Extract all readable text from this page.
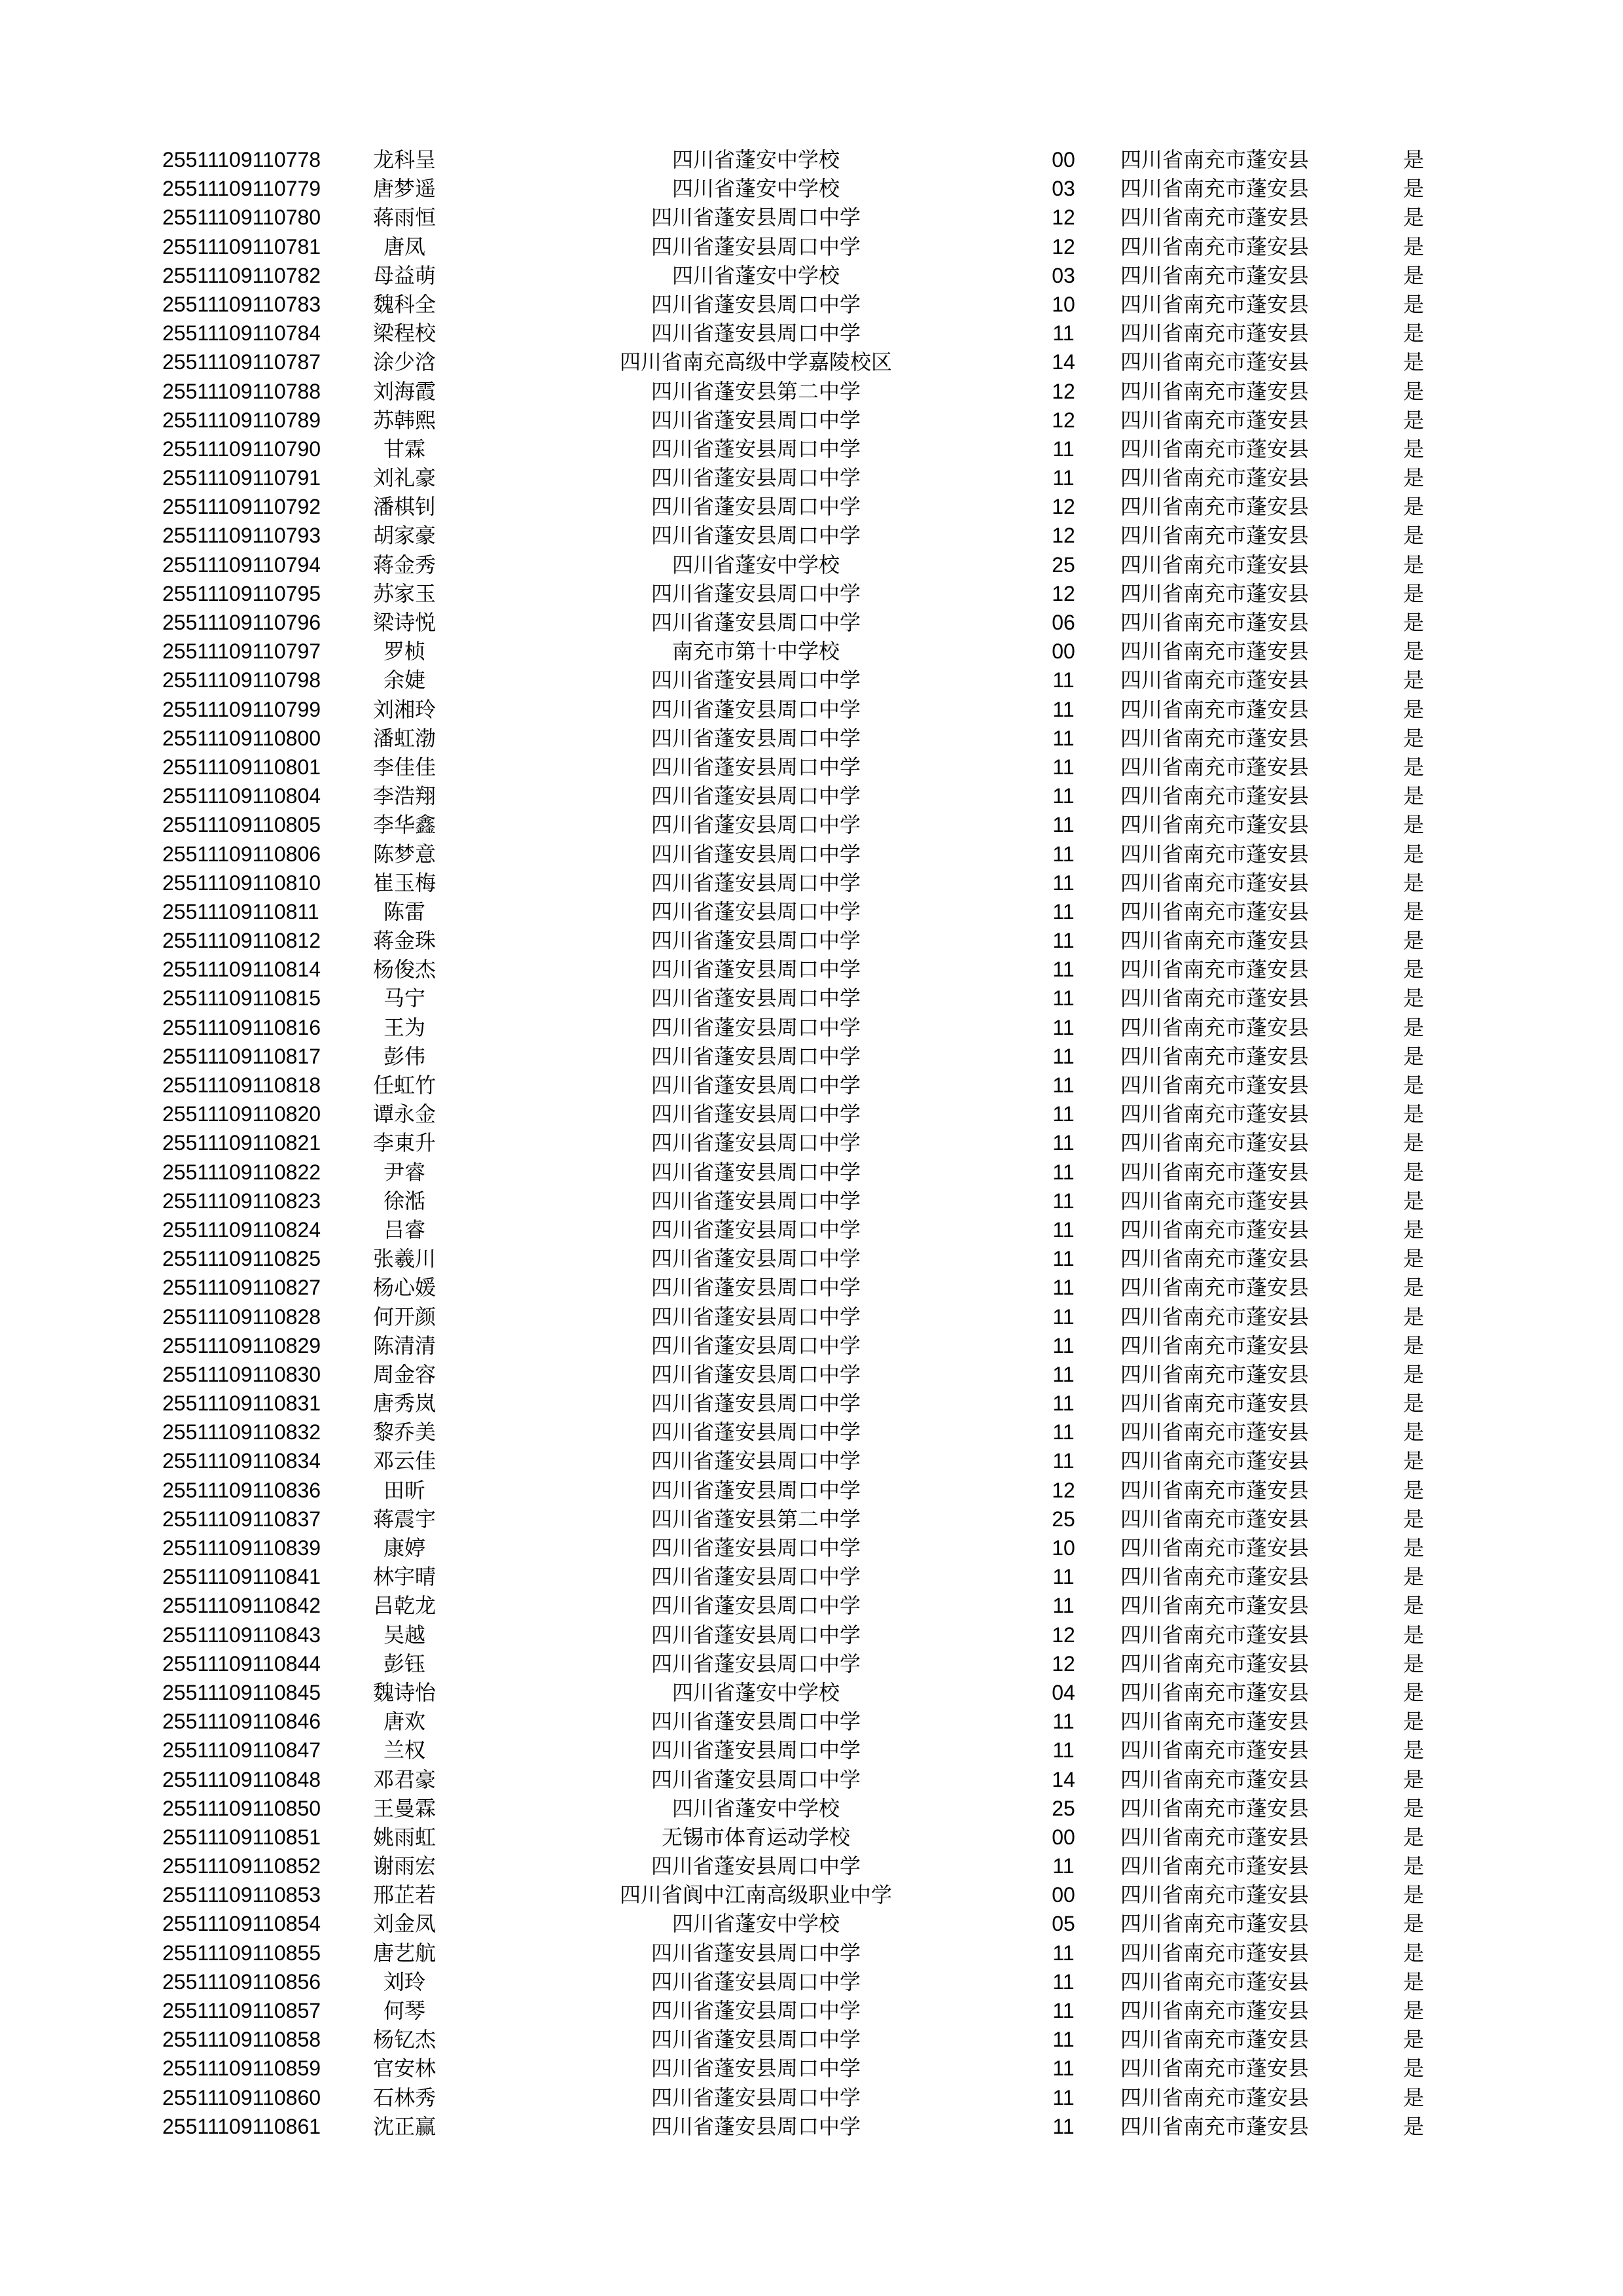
25511109110778	龙科呈	四川省蓬安中学校	00	四川省南充市蓬安县	是
25511109110779	唐梦遥	四川省蓬安中学校	03	四川省南充市蓬安县	是
25511109110780	蒋雨恒	四川省蓬安县周口中学	12	四川省南充市蓬安县	是
25511109110781	唐凤	四川省蓬安县周口中学	12	四川省南充市蓬安县	是
25511109110782	母益萌	四川省蓬安中学校	03	四川省南充市蓬安县	是
25511109110783	魏科全	四川省蓬安县周口中学	10	四川省南充市蓬安县	是
25511109110784	梁程校	四川省蓬安县周口中学	11	四川省南充市蓬安县	是
25511109110787	涂少浛	四川省南充高级中学嘉陵校区	14	四川省南充市蓬安县	是
25511109110788	刘海霞	四川省蓬安县第二中学	12	四川省南充市蓬安县	是
25511109110789	苏韩熙	四川省蓬安县周口中学	12	四川省南充市蓬安县	是
25511109110790	甘霖	四川省蓬安县周口中学	11	四川省南充市蓬安县	是
25511109110791	刘礼豪	四川省蓬安县周口中学	11	四川省南充市蓬安县	是
25511109110792	潘棋钊	四川省蓬安县周口中学	12	四川省南充市蓬安县	是
25511109110793	胡家豪	四川省蓬安县周口中学	12	四川省南充市蓬安县	是
25511109110794	蒋金秀	四川省蓬安中学校	25	四川省南充市蓬安县	是
25511109110795	苏家玉	四川省蓬安县周口中学	12	四川省南充市蓬安县	是
25511109110796	梁诗悦	四川省蓬安县周口中学	06	四川省南充市蓬安县	是
25511109110797	罗桢	南充市第十中学校	00	四川省南充市蓬安县	是
25511109110798	余婕	四川省蓬安县周口中学	11	四川省南充市蓬安县	是
25511109110799	刘湘玲	四川省蓬安县周口中学	11	四川省南充市蓬安县	是
25511109110800	潘虹渤	四川省蓬安县周口中学	11	四川省南充市蓬安县	是
25511109110801	李佳佳	四川省蓬安县周口中学	11	四川省南充市蓬安县	是
25511109110804	李浩翔	四川省蓬安县周口中学	11	四川省南充市蓬安县	是
25511109110805	李华鑫	四川省蓬安县周口中学	11	四川省南充市蓬安县	是
25511109110806	陈梦意	四川省蓬安县周口中学	11	四川省南充市蓬安县	是
25511109110810	崔玉梅	四川省蓬安县周口中学	11	四川省南充市蓬安县	是
25511109110811	陈雷	四川省蓬安县周口中学	11	四川省南充市蓬安县	是
25511109110812	蒋金珠	四川省蓬安县周口中学	11	四川省南充市蓬安县	是
25511109110814	杨俊杰	四川省蓬安县周口中学	11	四川省南充市蓬安县	是
25511109110815	马宁	四川省蓬安县周口中学	11	四川省南充市蓬安县	是
25511109110816	王为	四川省蓬安县周口中学	11	四川省南充市蓬安县	是
25511109110817	彭伟	四川省蓬安县周口中学	11	四川省南充市蓬安县	是
25511109110818	任虹竹	四川省蓬安县周口中学	11	四川省南充市蓬安县	是
25511109110820	谭永金	四川省蓬安县周口中学	11	四川省南充市蓬安县	是
25511109110821	李東升	四川省蓬安县周口中学	11	四川省南充市蓬安县	是
25511109110822	尹睿	四川省蓬安县周口中学	11	四川省南充市蓬安县	是
25511109110823	徐湉	四川省蓬安县周口中学	11	四川省南充市蓬安县	是
25511109110824	吕睿	四川省蓬安县周口中学	11	四川省南充市蓬安县	是
25511109110825	张羲川	四川省蓬安县周口中学	11	四川省南充市蓬安县	是
25511109110827	杨心媛	四川省蓬安县周口中学	11	四川省南充市蓬安县	是
25511109110828	何开颜	四川省蓬安县周口中学	11	四川省南充市蓬安县	是
25511109110829	陈清清	四川省蓬安县周口中学	11	四川省南充市蓬安县	是
25511109110830	周金容	四川省蓬安县周口中学	11	四川省南充市蓬安县	是
25511109110831	唐秀岚	四川省蓬安县周口中学	11	四川省南充市蓬安县	是
25511109110832	黎乔美	四川省蓬安县周口中学	11	四川省南充市蓬安县	是
25511109110834	邓云佳	四川省蓬安县周口中学	11	四川省南充市蓬安县	是
25511109110836	田昕	四川省蓬安县周口中学	12	四川省南充市蓬安县	是
25511109110837	蒋震宇	四川省蓬安县第二中学	25	四川省南充市蓬安县	是
25511109110839	康婷	四川省蓬安县周口中学	10	四川省南充市蓬安县	是
25511109110841	林宇晴	四川省蓬安县周口中学	11	四川省南充市蓬安县	是
25511109110842	吕乾龙	四川省蓬安县周口中学	11	四川省南充市蓬安县	是
25511109110843	吴越	四川省蓬安县周口中学	12	四川省南充市蓬安县	是
25511109110844	彭钰	四川省蓬安县周口中学	12	四川省南充市蓬安县	是
25511109110845	魏诗怡	四川省蓬安中学校	04	四川省南充市蓬安县	是
25511109110846	唐欢	四川省蓬安县周口中学	11	四川省南充市蓬安县	是
25511109110847	兰权	四川省蓬安县周口中学	11	四川省南充市蓬安县	是
25511109110848	邓君豪	四川省蓬安县周口中学	14	四川省南充市蓬安县	是
25511109110850	王曼霖	四川省蓬安中学校	25	四川省南充市蓬安县	是
25511109110851	姚雨虹	无锡市体育运动学校	00	四川省南充市蓬安县	是
25511109110852	谢雨宏	四川省蓬安县周口中学	11	四川省南充市蓬安县	是
25511109110853	邢芷若	四川省阆中江南高级职业中学	00	四川省南充市蓬安县	是
25511109110854	刘金凤	四川省蓬安中学校	05	四川省南充市蓬安县	是
25511109110855	唐艺航	四川省蓬安县周口中学	11	四川省南充市蓬安县	是
25511109110856	刘玲	四川省蓬安县周口中学	11	四川省南充市蓬安县	是
25511109110857	何琴	四川省蓬安县周口中学	11	四川省南充市蓬安县	是
25511109110858	杨钇杰	四川省蓬安县周口中学	11	四川省南充市蓬安县	是
25511109110859	官安林	四川省蓬安县周口中学	11	四川省南充市蓬安县	是
25511109110860	石林秀	四川省蓬安县周口中学	11	四川省南充市蓬安县	是
25511109110861	沈正赢	四川省蓬安县周口中学	11	四川省南充市蓬安县	是
